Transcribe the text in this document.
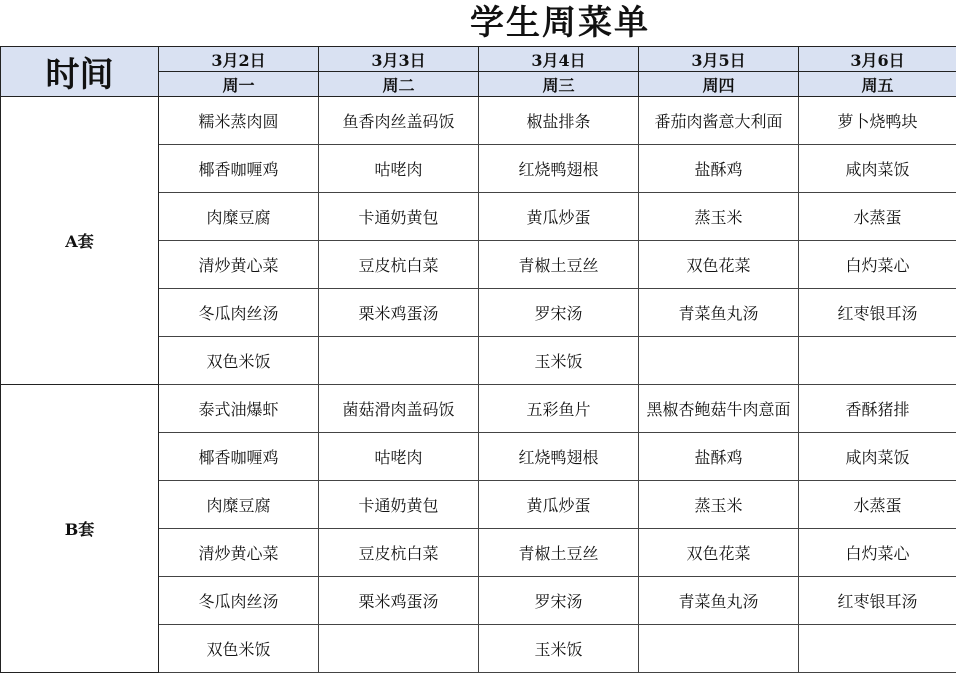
学生周菜单
时间	3月2日	3月3日	3月4日	3月5日	3月6日
	周一	周二	周三	周四	周五
A套	糯米蒸肉圆	鱼香肉丝盖码饭	椒盐排条	番茄肉酱意大利面	萝卜烧鸭块
	椰香咖喱鸡	咕咾肉	红烧鸭翅根	盐酥鸡	咸肉菜饭
	肉糜豆腐	卡通奶黄包	黄瓜炒蛋	蒸玉米	水蒸蛋
	清炒黄心菜	豆皮杭白菜	青椒土豆丝	双色花菜	白灼菜心
	冬瓜肉丝汤	栗米鸡蛋汤	罗宋汤	青菜鱼丸汤	红枣银耳汤
	双色米饭		玉米饭		
B套	泰式油爆虾	菌菇滑肉盖码饭	五彩鱼片	黑椒杏鲍菇牛肉意面	香酥猪排
	椰香咖喱鸡	咕咾肉	红烧鸭翅根	盐酥鸡	咸肉菜饭
	肉糜豆腐	卡通奶黄包	黄瓜炒蛋	蒸玉米	水蒸蛋
	清炒黄心菜	豆皮杭白菜	青椒土豆丝	双色花菜	白灼菜心
	冬瓜肉丝汤	栗米鸡蛋汤	罗宋汤	青菜鱼丸汤	红枣银耳汤
	双色米饭		玉米饭		
